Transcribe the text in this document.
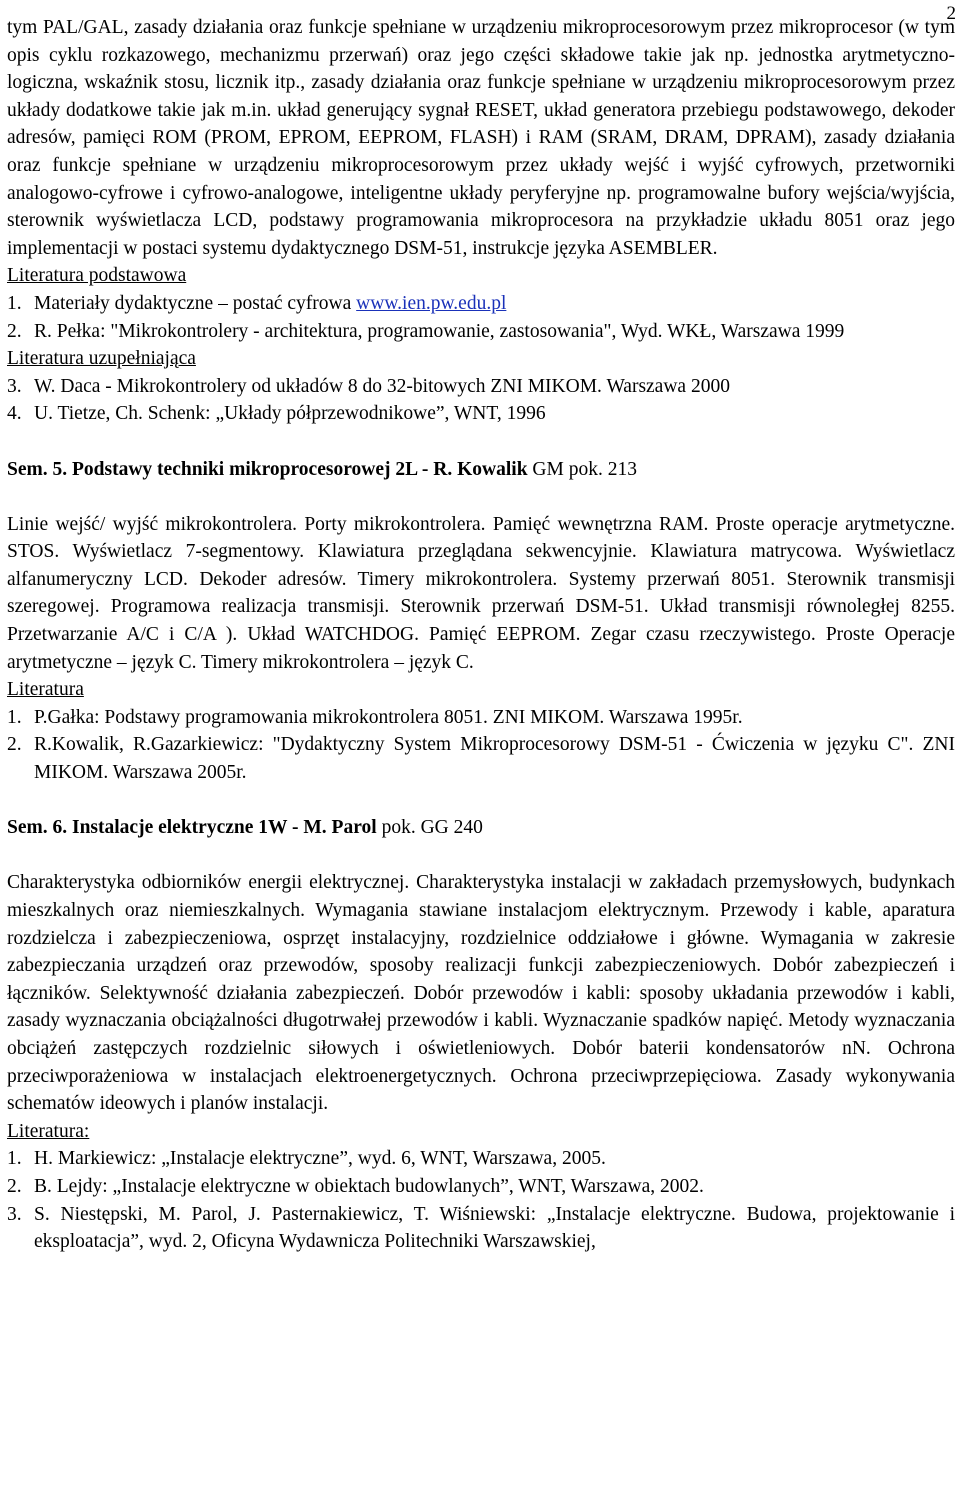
2

tym PAL/GAL, zasady działania oraz funkcje spełniane w urządzeniu mikroprocesorowym przez mikroprocesor (w tym opis cyklu rozkazowego, mechanizmu przerwań) oraz jego części składowe takie jak np. jednostka arytmetyczno-logiczna, wskaźnik stosu, licznik itp., zasady działania oraz funkcje spełniane w urządzeniu mikroprocesorowym przez układy dodatkowe takie jak m.in. układ generujący sygnał RESET, układ generatora przebiegu podstawowego, dekoder adresów, pamięci ROM (PROM, EPROM, EEPROM, FLASH) i RAM (SRAM, DRAM, DPRAM), zasady działania oraz funkcje spełniane w urządzeniu mikroprocesorowym przez układy wejść i wyjść cyfrowych, przetworniki analogowo-cyfrowe i cyfrowo-analogowe, inteligentne układy peryferyjne np. programowalne bufory wejścia/wyjścia, sterownik wyświetlacza LCD, podstawy programowania mikroprocesora na przykładzie układu 8051 oraz jego implementacji w postaci systemu dydaktycznego DSM-51, instrukcje języka ASEMBLER.

Literatura podstawowa

1. Materiały dydaktyczne – postać cyfrowa www.ien.pw.edu.pl
2. R. Pełka: "Mikrokontrolery - architektura, programowanie, zastosowania", Wyd. WKŁ, Warszawa 1999

Literatura uzupełniająca

3. W. Daca - Mikrokontrolery od układów 8 do 32-bitowych ZNI MIKOM. Warszawa 2000
4. U. Tietze, Ch. Schenk: „Układy półprzewodnikowe”, WNT, 1996

Sem. 5. Podstawy techniki mikroprocesorowej 2L - R. Kowalik GM pok. 213

Linie wejść/ wyjść mikrokontrolera. Porty mikrokontrolera. Pamięć wewnętrzna RAM. Proste operacje arytmetyczne. STOS. Wyświetlacz 7-segmentowy. Klawiatura przeglądana sekwencyjnie. Klawiatura matrycowa. Wyświetlacz alfanumeryczny LCD. Dekoder adresów. Timery mikrokontrolera. Systemy przerwań 8051. Sterownik transmisji szeregowej. Programowa realizacja transmisji. Sterownik przerwań DSM-51. Układ transmisji równoległej 8255. Przetwarzanie A/C i C/A ). Układ WATCHDOG. Pamięć EEPROM. Zegar czasu rzeczywistego. Proste Operacje arytmetyczne – język C. Timery mikrokontrolera – język C.

Literatura

1. P.Gałka: Podstawy programowania mikrokontrolera 8051. ZNI MIKOM. Warszawa 1995r.
2. R.Kowalik, R.Gazarkiewicz: "Dydaktyczny System Mikroprocesorowy DSM-51 - Ćwiczenia w języku C". ZNI MIKOM. Warszawa 2005r.

Sem. 6. Instalacje elektryczne 1W - M. Parol pok. GG 240

Charakterystyka odbiorników energii elektrycznej. Charakterystyka instalacji w zakładach przemysłowych, budynkach mieszkalnych oraz niemieszkalnych. Wymagania stawiane instalacjom elektrycznym. Przewody i kable, aparatura rozdzielcza i zabezpieczeniowa, osprzęt instalacyjny, rozdzielnice oddziałowe i główne. Wymagania w zakresie zabezpieczania urządzeń oraz przewodów, sposoby realizacji funkcji zabezpieczeniowych. Dobór zabezpieczeń i łączników. Selektywność działania zabezpieczeń. Dobór przewodów i kabli: sposoby układania przewodów i kabli, zasady wyznaczania obciążalności długotrwałej przewodów i kabli. Wyznaczanie spadków napięć. Metody wyznaczania obciążeń zastępczych rozdzielnic siłowych i oświetleniowych. Dobór baterii kondensatorów nN. Ochrona przeciwporażeniowa w instalacjach elektroenergetycznych. Ochrona przeciwprzepięciowa. Zasady wykonywania schematów ideowych i planów instalacji.

Literatura:

1. H. Markiewicz: „Instalacje elektryczne”, wyd. 6, WNT, Warszawa, 2005.
2. B. Lejdy: „Instalacje elektryczne w obiektach budowlanych”, WNT, Warszawa, 2002.
3. S. Niestępski, M. Parol, J. Pasternakiewicz, T. Wiśniewski: „Instalacje elektryczne. Budowa, projektowanie i eksploatacja”, wyd. 2, Oficyna Wydawnicza Politechniki Warszawskiej,
